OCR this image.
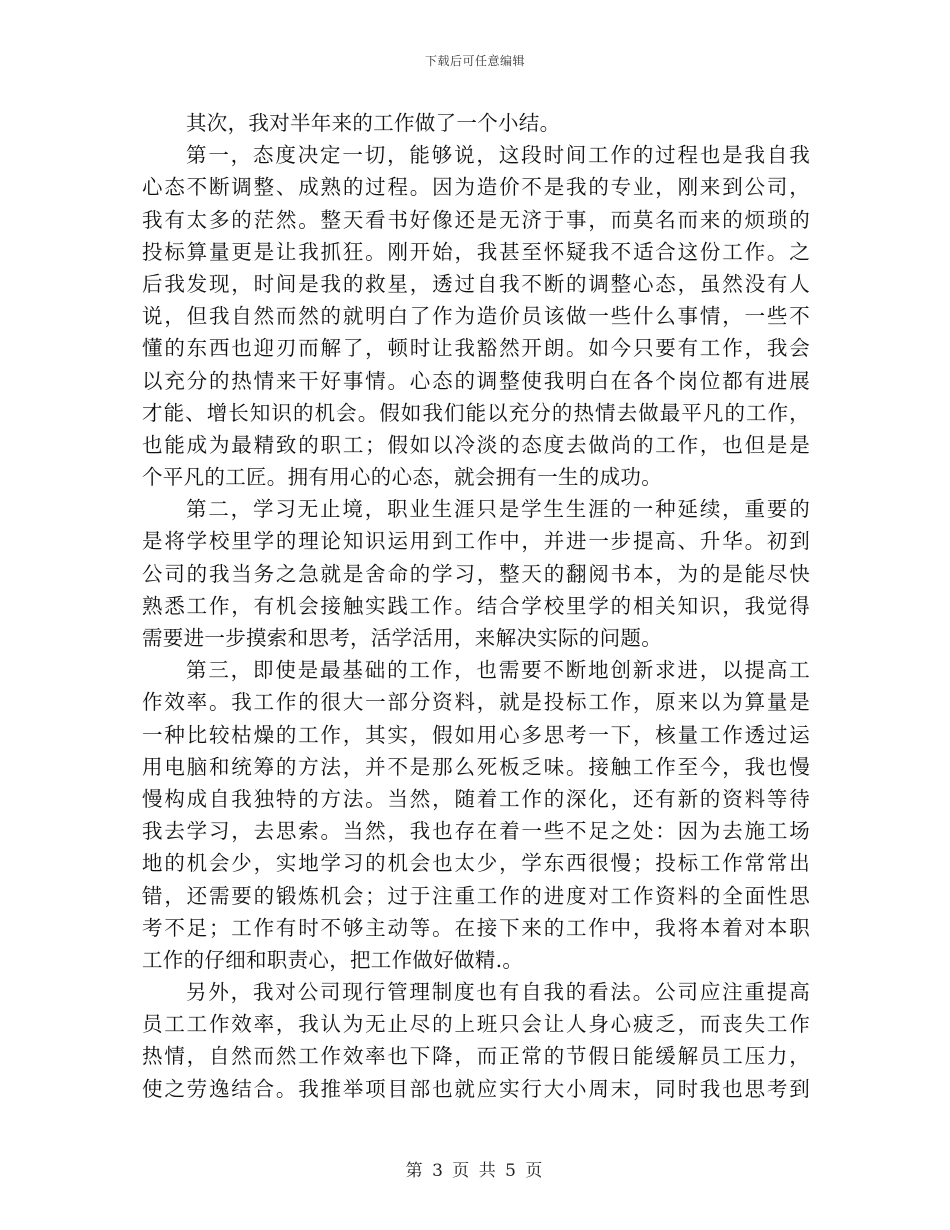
下载后可任意编辑
其次，我对半年来的工作做了一个小结。
第一，态度决定一切，能够说，这段时间工作的过程也是我自我
心态不断调整、成熟的过程。因为造价不是我的专业，刚来到公司，
我有太多的茫然。整天看书好像还是无济于事，而莫名而来的烦琐的
投标算量更是让我抓狂。刚开始，我甚至怀疑我不适合这份工作。之
后我发现，时间是我的救星，透过自我不断的调整心态，虽然没有人
说，但我自然而然的就明白了作为造价员该做一些什么事情，一些不
懂的东西也迎刃而解了，顿时让我豁然开朗。如今只要有工作，我会
以充分的热情来干好事情。心态的调整使我明白在各个岗位都有进展
才能、增长知识的机会。假如我们能以充分的热情去做最平凡的工作，
也能成为最精致的职工；假如以冷淡的态度去做尚的工作，也但是是
个平凡的工匠。拥有用心的心态，就会拥有一生的成功。
第二，学习无止境，职业生涯只是学生生涯的一种延续，重要的
是将学校里学的理论知识运用到工作中，并进一步提高、升华。初到
公司的我当务之急就是舍命的学习，整天的翻阅书本，为的是能尽快
熟悉工作，有机会接触实践工作。结合学校里学的相关知识，我觉得
需要进一步摸索和思考，活学活用，来解决实际的问题。
第三，即使是最基础的工作，也需要不断地创新求进，以提高工
作效率。我工作的很大一部分资料，就是投标工作，原来以为算量是
一种比较枯燥的工作，其实，假如用心多思考一下，核量工作透过运
用电脑和统筹的方法，并不是那么死板乏味。接触工作至今，我也慢
慢构成自我独特的方法。当然，随着工作的深化，还有新的资料等待
我去学习，去思索。当然，我也存在着一些不足之处：因为去施工场
地的机会少，实地学习的机会也太少，学东西很慢；投标工作常常出
错，还需要的锻炼机会；过于注重工作的进度对工作资料的全面性思
考不足；工作有时不够主动等。在接下来的工作中，我将本着对本职
工作的仔细和职责心，把工作做好做精.。
另外，我对公司现行管理制度也有自我的看法。公司应注重提高
员工工作效率，我认为无止尽的上班只会让人身心疲乏，而丧失工作
热情，自然而然工作效率也下降，而正常的节假日能缓解员工压力，
使之劳逸结合。我推举项目部也就应实行大小周末，同时我也思考到
第 3 页 共 5 页
